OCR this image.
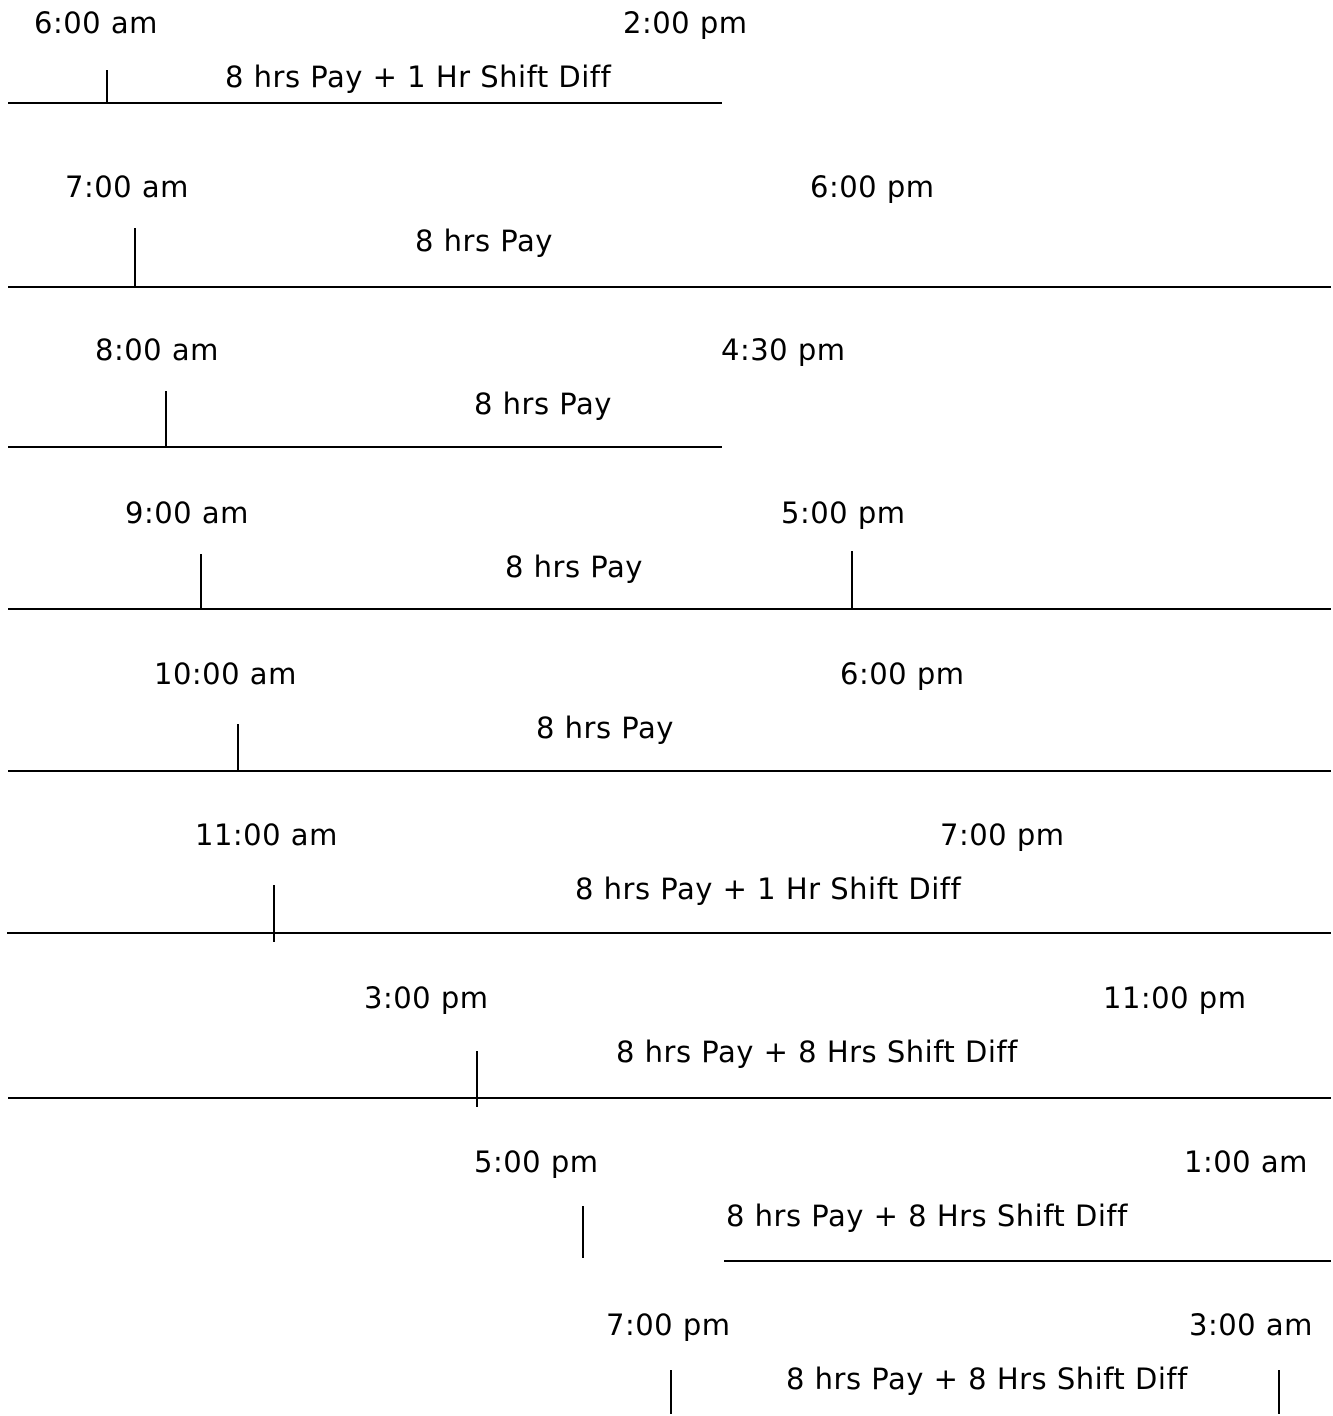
6:00 am	2:00 pm
8 hrs Pay + 1 Hr Shift Diff
7:00 am	6:00 pm
8 hrs Pay
8:00 am	4:30 pm
8 hrs Pay
9:00 am	5:00 pm
8 hrs Pay
10:00 am	6:00 pm
8 hrs Pay
11:00 am	7:00 pm
8 hrs Pay + 1 Hr Shift Diff
3:00 pm	11:00 pm
8 hrs Pay + 8 Hrs Shift Diff
5:00 pm	1:00 am
8 hrs Pay + 8 Hrs Shift Diff
7:00 pm	3:00 am
8 hrs Pay + 8 Hrs Shift Diff
